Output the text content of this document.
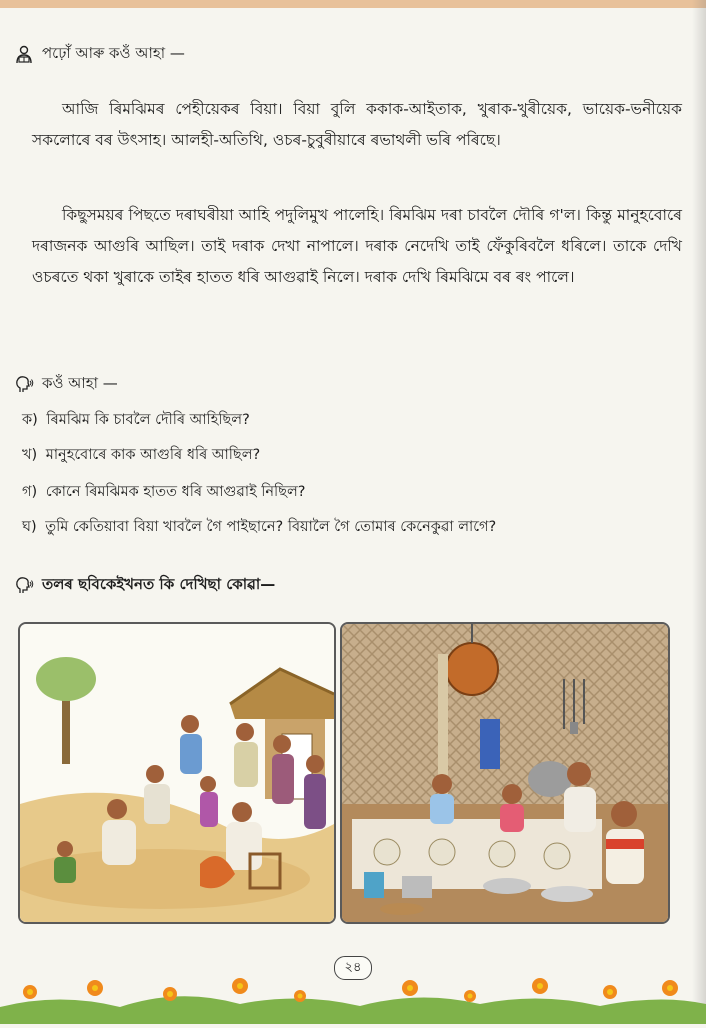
পঢ়োঁ আৰু কওঁ আহা —
আজি ৰিমঝিমৰ পেহীয়েকৰ বিয়া। বিয়া বুলি ককাক-আইতাক, খুৰাক-খুৰীয়েক, ভায়েক-ভনীয়েক সকলোৰে বৰ উৎসাহ। আলহী-অতিথি, ওচৰ-চুবুৰীয়াৰে ৰভাথলী ভৰি পৰিছে।
কিছুসময়ৰ পিছতে দৰাঘৰীয়া আহি পদুলিমুখ পালেহি। ৰিমঝিম দৰা চাবলৈ দৌৰি গ'ল। কিন্তু মানুহবোৰে দৰাজনক আগুৰি আছিল। তাই দৰাক দেখা নাপালে। দৰাক নেদেখি তাই ফেঁকুৰিবলৈ ধৰিলে। তাকে দেখি ওচৰতে থকা খুৰাকে তাইৰ হাতত ধৰি আগুৱাই নিলে। দৰাক দেখি ৰিমঝিমে বৰ ৰং পালে।
কওঁ আহা —
ক) ৰিমঝিম কি চাবলৈ দৌৰি আহিছিল?
খ) মানুহবোৰে কাক আগুৰি ধৰি আছিল?
গ) কোনে ৰিমঝিমক হাতত ধৰি আগুৱাই নিছিল?
ঘ) তুমি কেতিয়াবা বিয়া খাবলৈ গৈ পাইছানে? বিয়ালৈ গৈ তোমাৰ কেনেকুৱা লাগে?
তলৰ ছবিকেইখনত কি দেখিছা কোৱা—
২৪
